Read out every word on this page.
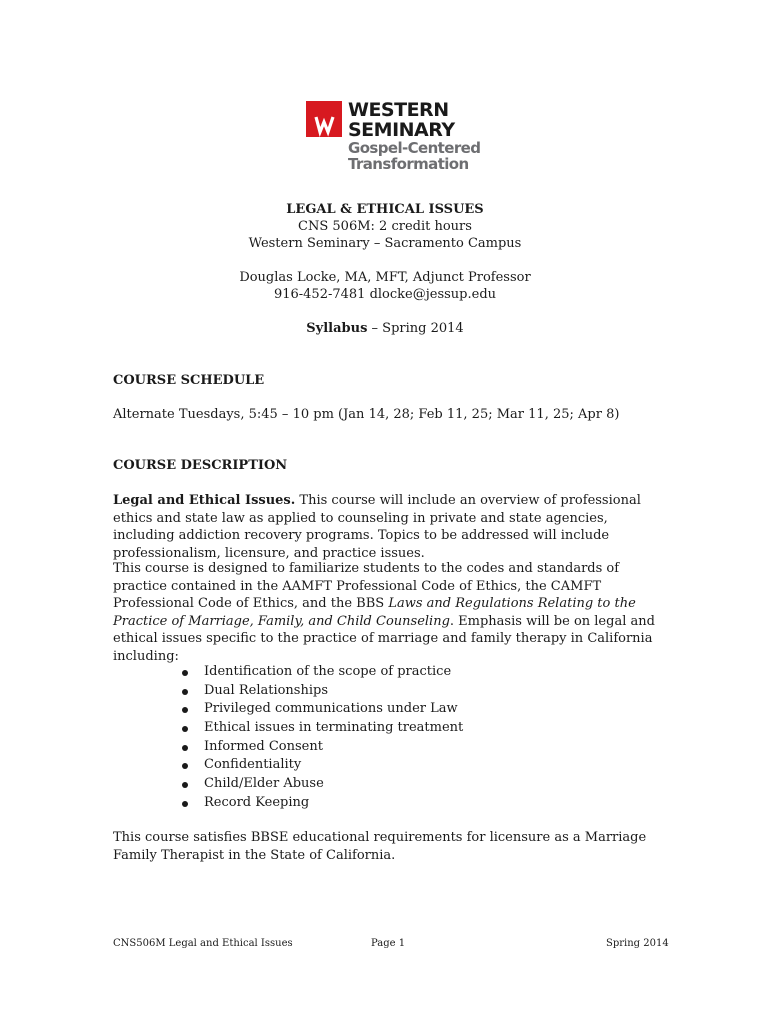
WESTERN
SEMINARY
Gospel-Centered
Transformation
LEGAL & ETHICAL ISSUES
CNS 506M: 2 credit hours
Western Seminary – Sacramento Campus
Douglas Locke, MA, MFT, Adjunct Professor
916-452-7481 dlocke@jessup.edu
Syllabus – Spring 2014
COURSE SCHEDULE
Alternate Tuesdays, 5:45 – 10 pm (Jan 14, 28; Feb 11, 25; Mar 11, 25; Apr 8)
COURSE DESCRIPTION
Legal and Ethical Issues. This course will include an overview of professional ethics and state law as applied to counseling in private and state agencies, including addiction recovery programs. Topics to be addressed will include professionalism, licensure, and practice issues.
This course is designed to familiarize students to the codes and standards of practice contained in the AAMFT Professional Code of Ethics, the CAMFT Professional Code of Ethics, and the BBS Laws and Regulations Relating to the Practice of Marriage, Family, and Child Counseling. Emphasis will be on legal and ethical issues specific to the practice of marriage and family therapy in California including:
Identification of the scope of practice
Dual Relationships
Privileged communications under Law
Ethical issues in terminating treatment
Informed Consent
Confidentiality
Child/Elder Abuse
Record Keeping
This course satisfies BBSE educational requirements for licensure as a Marriage Family Therapist in the State of California.
CNS506M Legal and Ethical Issues	Page 1	Spring 2014
